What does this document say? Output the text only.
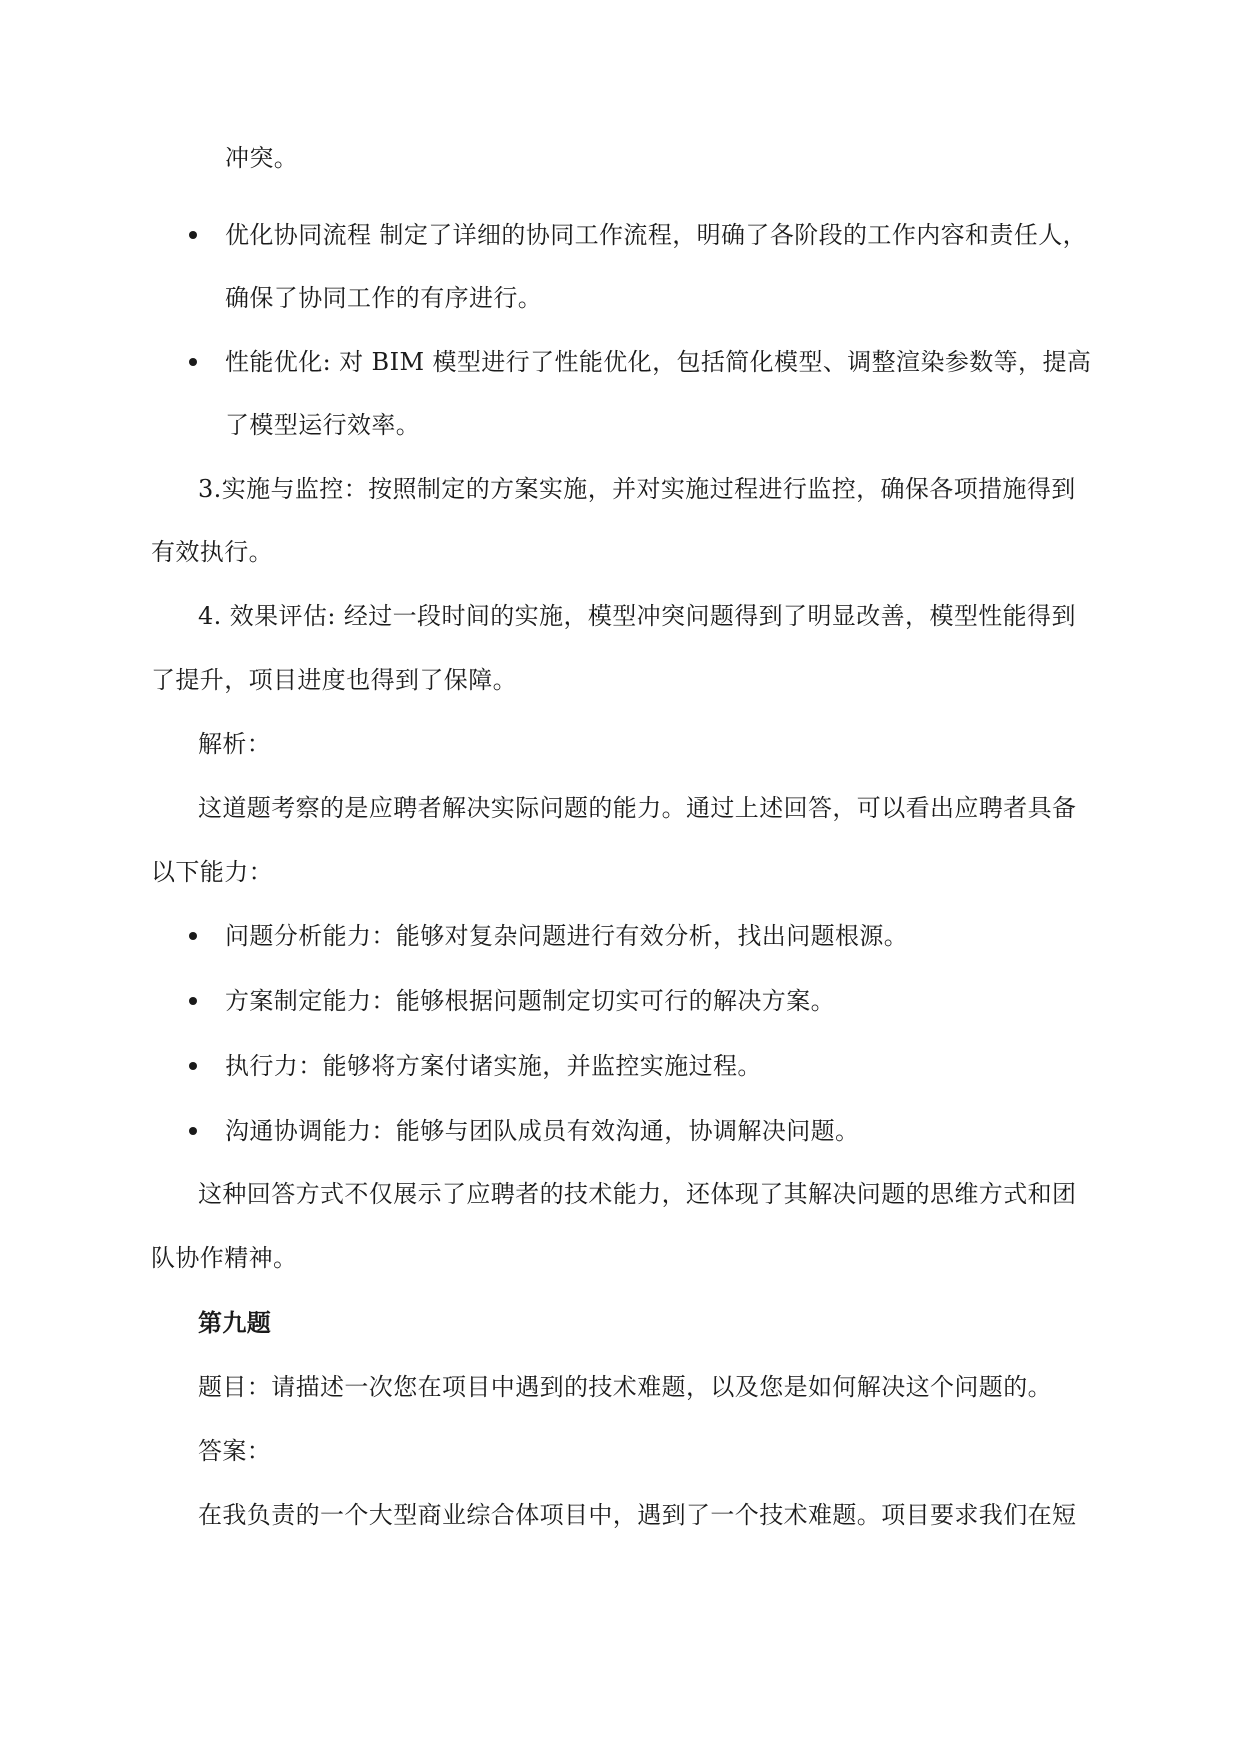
冲突。
优化协同流程 制定了详细的协同工作流程，明确了各阶段的工作内容和责任人，
确保了协同工作的有序进行。
性能优化: 对 BIM 模型进行了性能优化，包括简化模型、调整渲染参数等，提高
了模型运行效率。
3.实施与监控：按照制定的方案实施，并对实施过程进行监控，确保各项措施得到
有效执行。
4. 效果评估: 经过一段时间的实施，模型冲突问题得到了明显改善，模型性能得到
了提升，项目进度也得到了保障。
解析：
这道题考察的是应聘者解决实际问题的能力。通过上述回答，可以看出应聘者具备
以下能力：
问题分析能力：能够对复杂问题进行有效分析，找出问题根源。
方案制定能力：能够根据问题制定切实可行的解决方案。
执行力：能够将方案付诸实施，并监控实施过程。
沟通协调能力：能够与团队成员有效沟通，协调解决问题。
这种回答方式不仅展示了应聘者的技术能力，还体现了其解决问题的思维方式和团
队协作精神。
第九题
题目：请描述一次您在项目中遇到的技术难题，以及您是如何解决这个问题的。
答案：
在我负责的一个大型商业综合体项目中，遇到了一个技术难题。项目要求我们在短
